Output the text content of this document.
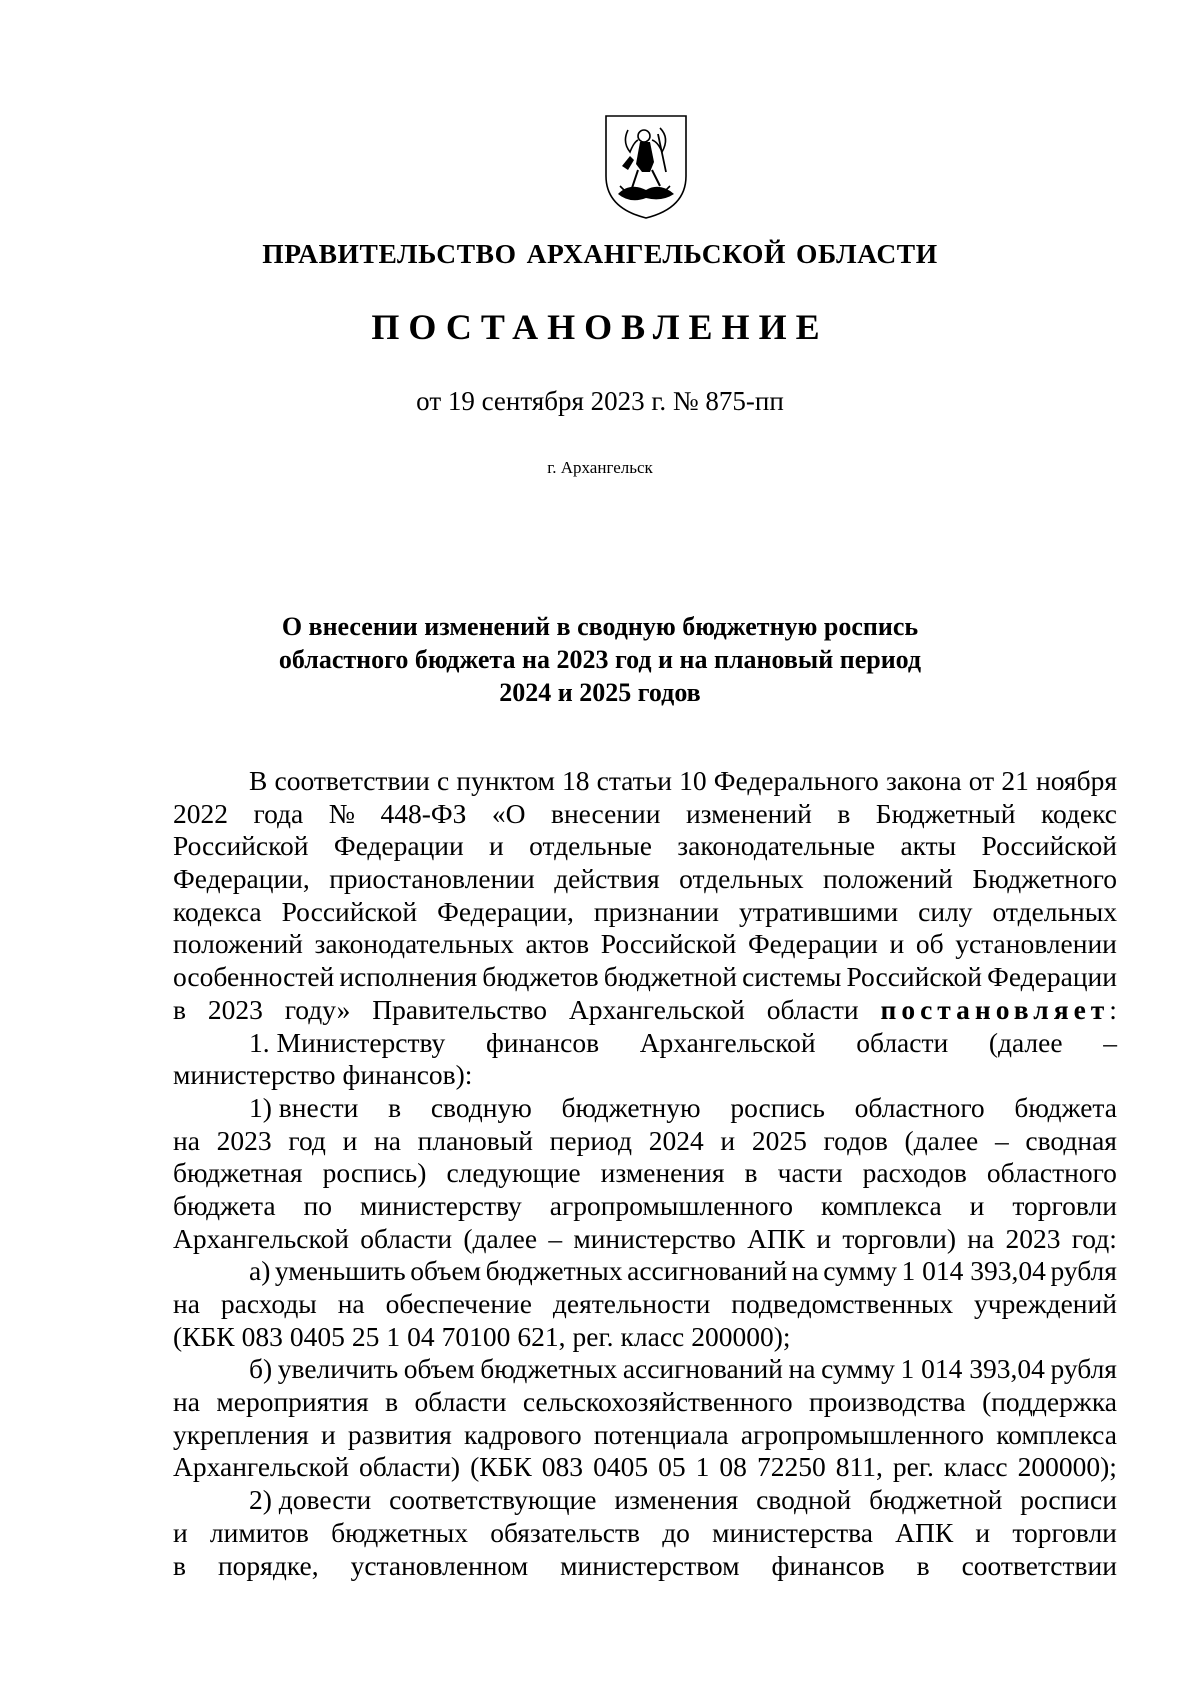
ПРАВИТЕЛЬСТВО АРХАНГЕЛЬСКОЙ ОБЛАСТИ
ПОСТАНОВЛЕНИЕ
от 19 сентября 2023 г. № 875-пп
г. Архангельск
О внесении изменений в сводную бюджетную роспись
областного бюджета на 2023 год и на плановый период
2024 и 2025 годов
В соответствии с пунктом 18 статьи 10 Федерального закона от 21 ноября
2022 года № 448-ФЗ «О внесении изменений в Бюджетный кодекс
Российской Федерации и отдельные законодательные акты Российской
Федерации, приостановлении действия отдельных положений Бюджетного
кодекса Российской Федерации, признании утратившими силу отдельных
положений законодательных актов Российской Федерации и об установлении
особенностей исполнения бюджетов бюджетной системы Российской Федерации
в 2023 году» Правительство Архангельской области постановляет:
1. Министерству финансов Архангельской области (далее –
министерство финансов):
1) внести в сводную бюджетную роспись областного бюджета
на 2023 год и на плановый период 2024 и 2025 годов (далее – сводная
бюджетная роспись) следующие изменения в части расходов областного
бюджета по министерству агропромышленного комплекса и торговли
Архангельской области (далее – министерство АПК и торговли) на 2023 год:
а) уменьшить объем бюджетных ассигнований на сумму 1 014 393,04 рубля
на расходы на обеспечение деятельности подведомственных учреждений
(КБК 083 0405 25 1 04 70100 621, рег. класс 200000);
б) увеличить объем бюджетных ассигнований на сумму 1 014 393,04 рубля
на мероприятия в области сельскохозяйственного производства (поддержка
укрепления и развития кадрового потенциала агропромышленного комплекса
Архангельской области) (КБК 083 0405 05 1 08 72250 811, рег. класс 200000);
2) довести соответствующие изменения сводной бюджетной росписи
и лимитов бюджетных обязательств до министерства АПК и торговли
в порядке, установленном министерством финансов в соответствии
